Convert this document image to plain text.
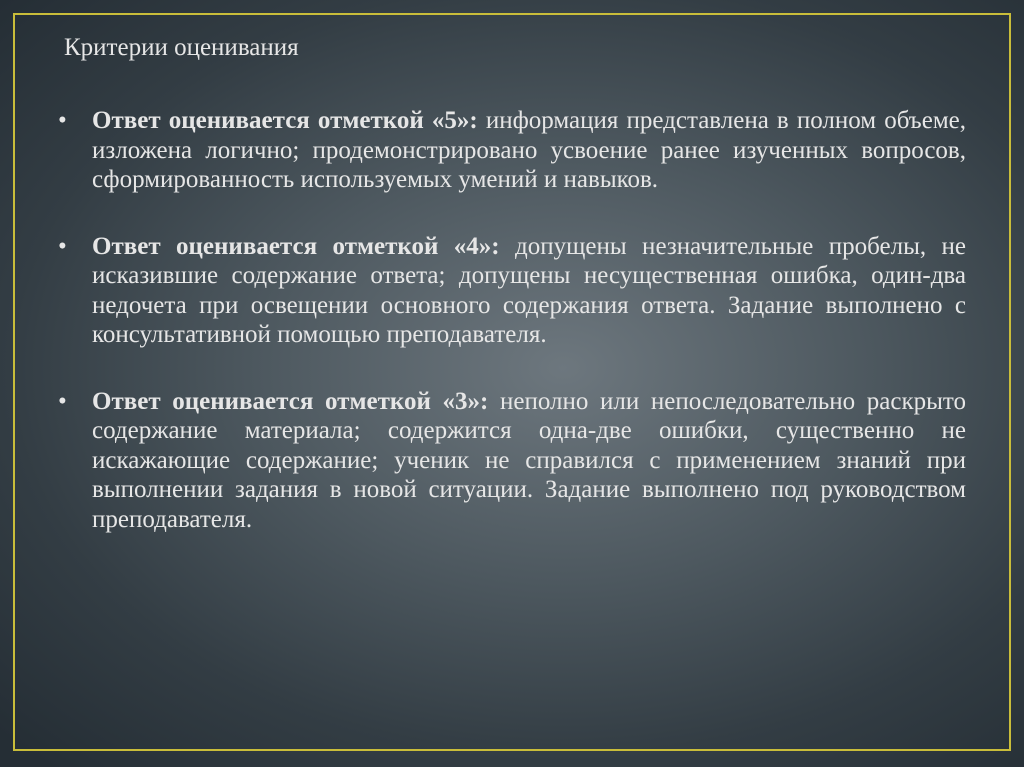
Критерии оценивания
• Ответ оценивается отметкой «5»: информация представлена в полном объеме, изложена логично; продемонстрировано усвоение ранее изученных вопросов, сформированность используемых умений и навыков.
• Ответ оценивается отметкой «4»: допущены незначительные пробелы, не исказившие содержание ответа; допущены несущественная ошибка, один-два недочета при освещении основного содержания ответа. Задание выполнено с консультативной помощью преподавателя.
• Ответ оценивается отметкой «3»: неполно или непоследовательно раскрыто содержание материала; содержится одна-две ошибки, существенно не искажающие содержание; ученик не справился с применением знаний при выполнении задания в новой ситуации. Задание выполнено под руководством преподавателя.
